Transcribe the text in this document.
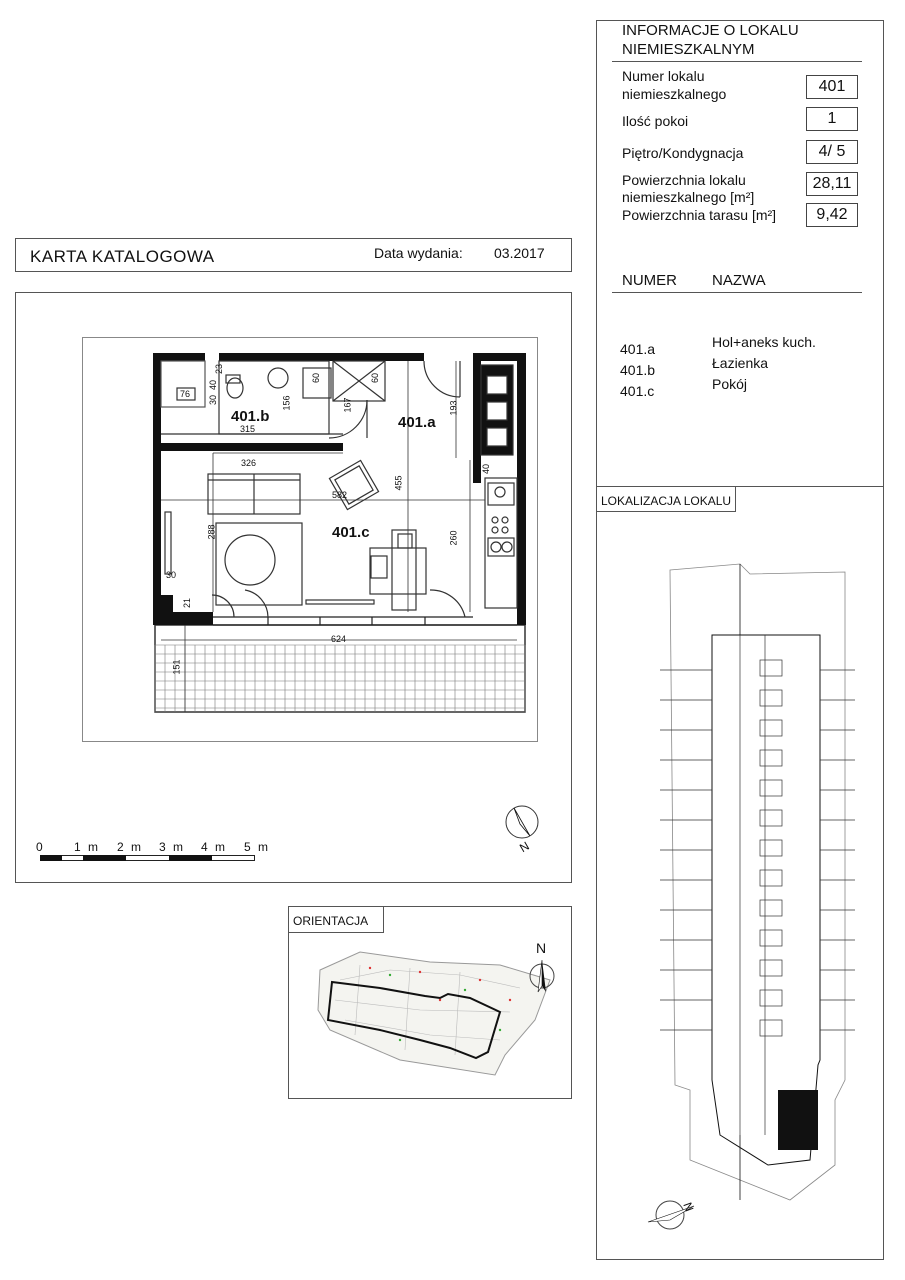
KARTA KATALOGOWA	Data wydania: 03.2017
401.b	401.a
401.c
76
40
30
23
156
315
60	60
167	193
326
582
455
40
288	260
30
21
624
151
N
0	1 m 2 m 3 m 4 m 5 m
ORIENTACJA
N
INFORMACJE O LOKALU
NIEMIESZKALNYM
Numer lokalu
niemieszkalnego	401
Ilość pokoi	1
Piętro/Kondygnacja	4/ 5
Powierzchnia lokalu
niemieszkalnego [m²]
28,11
Powierzchnia tarasu [m²]	9,42
NUMER NAZWA
401.a	Hol+aneks kuch.
401.b	Łazienka
401.c	Pokój
LOKALIZACJA LOKALU
N
